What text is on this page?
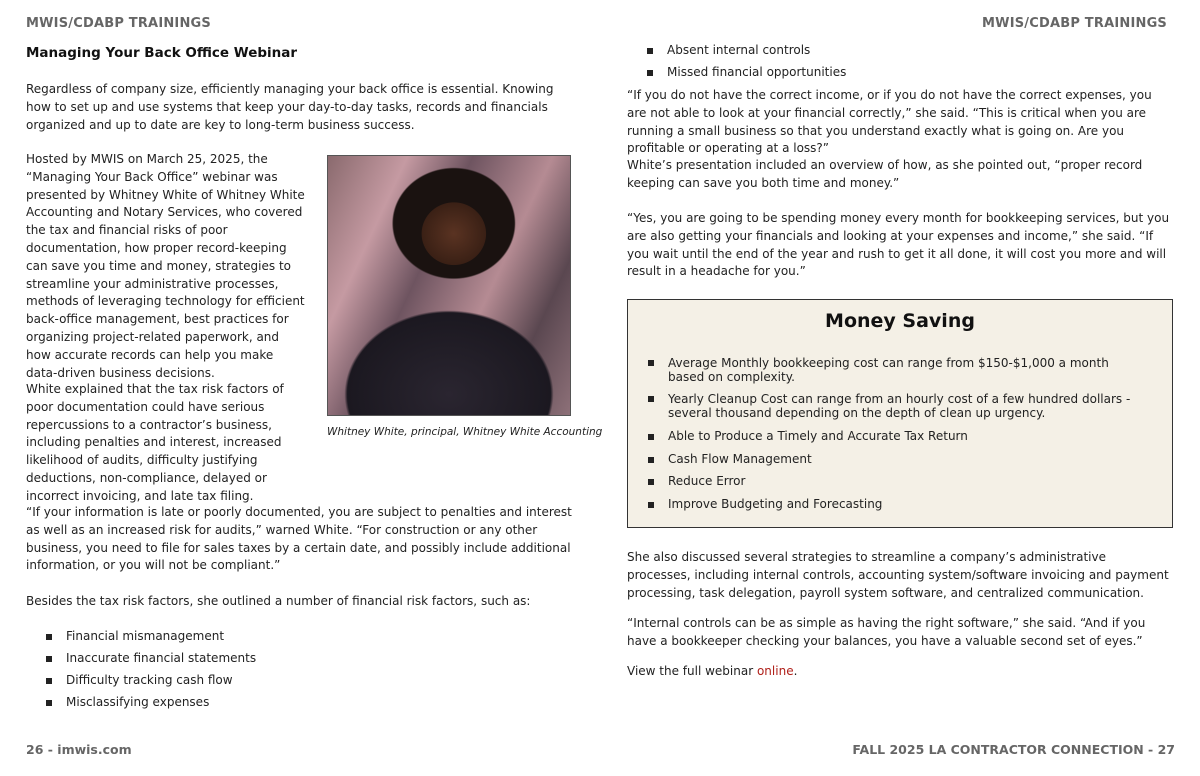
MWIS/CDABP TRAININGS	MWIS/CDABP TRAININGS
Managing Your Back Office Webinar

Regardless of company size, efficiently managing your back office is essential. Knowing how to set up and use systems that keep your day-to-day tasks, records and financials organized and up to date are key to long-term business success.

Hosted by MWIS on March 25, 2025, the “Managing Your Back Office” webinar was presented by Whitney White of Whitney White Accounting and Notary Services, who covered the tax and financial risks of poor documentation, how proper record-keeping can save you time and money, strategies to streamline your administrative processes, methods of leveraging technology for efficient back-office management, best practices for organizing project-related paperwork, and how accurate records can help you make data-driven business decisions.

Whitney White, principal, Whitney White Accounting

White explained that the tax risk factors of poor documentation could have serious repercussions to a contractor’s business, including penalties and interest, increased likelihood of audits, difficulty justifying deductions, non-compliance, delayed or incorrect invoicing, and late tax filing.

“If your information is late or poorly documented, you are subject to penalties and interest as well as an increased risk for audits,” warned White. “For construction or any other business, you need to file for sales taxes by a certain date, and possibly include additional information, or you will not be compliant.”

Besides the tax risk factors, she outlined a number of financial risk factors, such as:

Financial mismanagement
Inaccurate financial statements
Difficulty tracking cash flow
Misclassifying expenses
26 - imwis.com
Absent internal controls
Missed financial opportunities

“If you do not have the correct income, or if you do not have the correct expenses, you are not able to look at your financial correctly,” she said. “This is critical when you are running a small business so that you understand exactly what is going on. Are you profitable or operating at a loss?”

White’s presentation included an overview of how, as she pointed out, “proper record keeping can save you both time and money.”

“Yes, you are going to be spending money every month for bookkeeping services, but you are also getting your financials and looking at your expenses and income,” she said. “If you wait until the end of the year and rush to get it all done, it will cost you more and will result in a headache for you.”

Money Saving
Average Monthly bookkeeping cost can range from $150-$1,000 a month based on complexity.
Yearly Cleanup Cost can range from an hourly cost of a few hundred dollars - several thousand depending on the depth of clean up urgency.
Able to Produce a Timely and Accurate Tax Return
Cash Flow Management
Reduce Error
Improve Budgeting and Forecasting

She also discussed several strategies to streamline a company’s administrative processes, including internal controls, accounting system/software invoicing and payment processing, task delegation, payroll system software, and centralized communication.

“Internal controls can be as simple as having the right software,” she said. “And if you have a bookkeeper checking your balances, you have a valuable second set of eyes.”

View the full webinar online.

FALL 2025 LA CONTRACTOR CONNECTION - 27
